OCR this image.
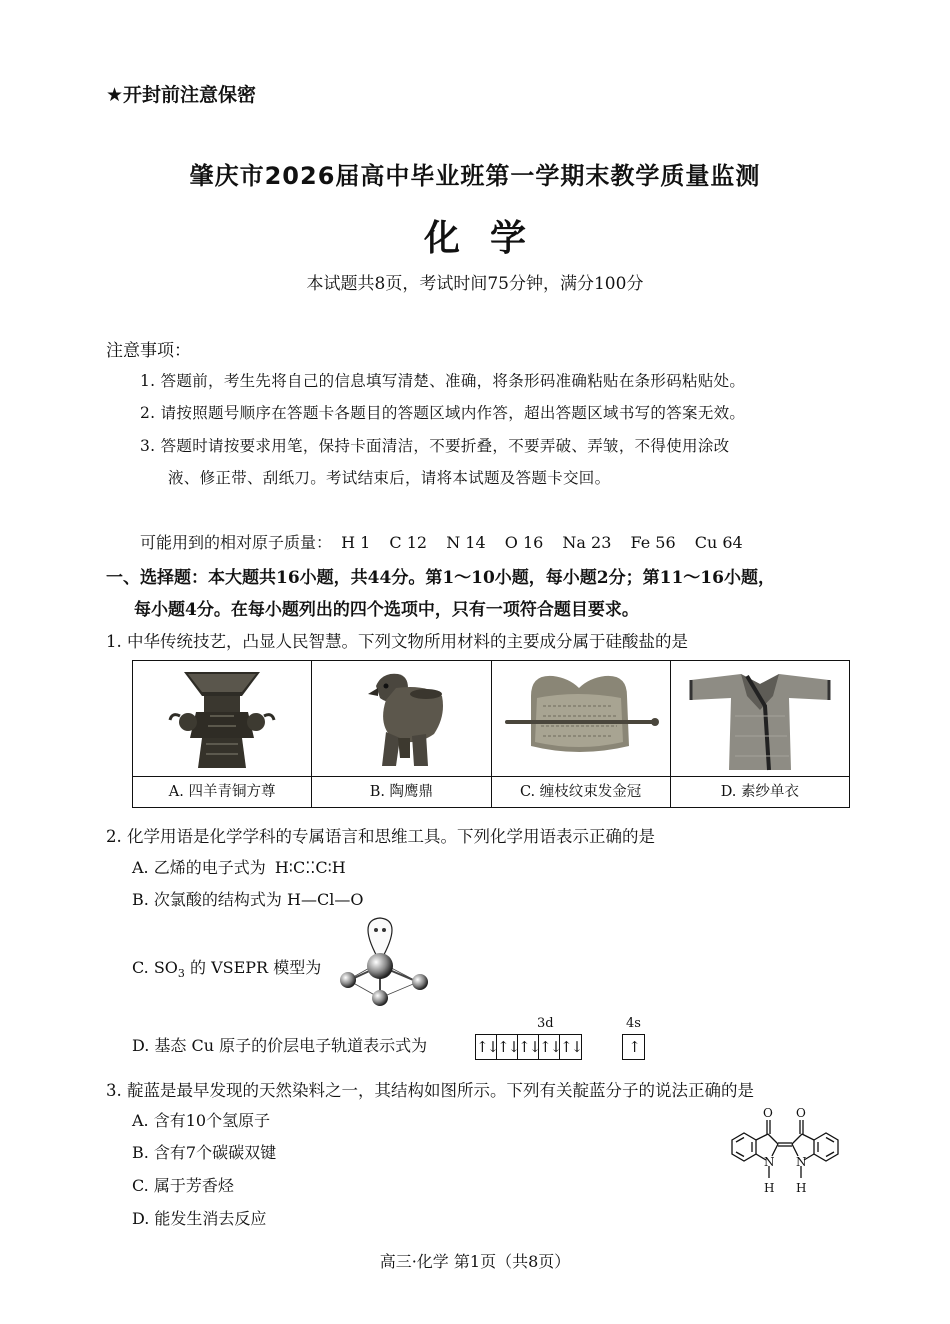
★开封前注意保密
肇庆市2026届高中毕业班第一学期末教学质量监测
化学
本试题共8页，考试时间75分钟，满分100分
注意事项：
1. 答题前，考生先将自己的信息填写清楚、准确，将条形码准确粘贴在条形码粘贴处。
2. 请按照题号顺序在答题卡各题目的答题区域内作答，超出答题区域书写的答案无效。
3. 答题时请按要求用笔，保持卡面清洁，不要折叠，不要弄破、弄皱，不得使用涂改
液、修正带、刮纸刀。考试结束后，请将本试题及答题卡交回。
可能用到的相对原子质量： H 1 C 12 N 14 O 16 Na 23 Fe 56 Cu 64
一、选择题：本大题共16小题，共44分。第1～10小题，每小题2分；第11～16小题，
每小题4分。在每小题列出的四个选项中，只有一项符合题目要求。
1. 中华传统技艺，凸显人民智慧。下列文物所用材料的主要成分属于硅酸盐的是
A. 四羊青铜方尊	B. 陶鹰鼎	C. 缠枝纹束发金冠	D. 素纱单衣
2. 化学用语是化学学科的专属语言和思维工具。下列化学用语表示正确的是
A. 乙烯的电子式为 H∶C⁚⁚C∶H
B. 次氯酸的结构式为 H—Cl—O
C. $SO_3$ 的 VSEPR 模型为
D. 基态 Cu 原子的价层电子轨道表示式为
3d	4s
↑↓ ↑↓ ↑↓ ↑↓ ↑↓	↑
3. 靛蓝是最早发现的天然染料之一，其结构如图所示。下列有关靛蓝分子的说法正确的是
A. 含有10个氢原子
B. 含有7个碳碳双键
C. 属于芳香烃
D. 能发生消去反应
O O
N N
H H
高三·化学 第1页（共8页）
